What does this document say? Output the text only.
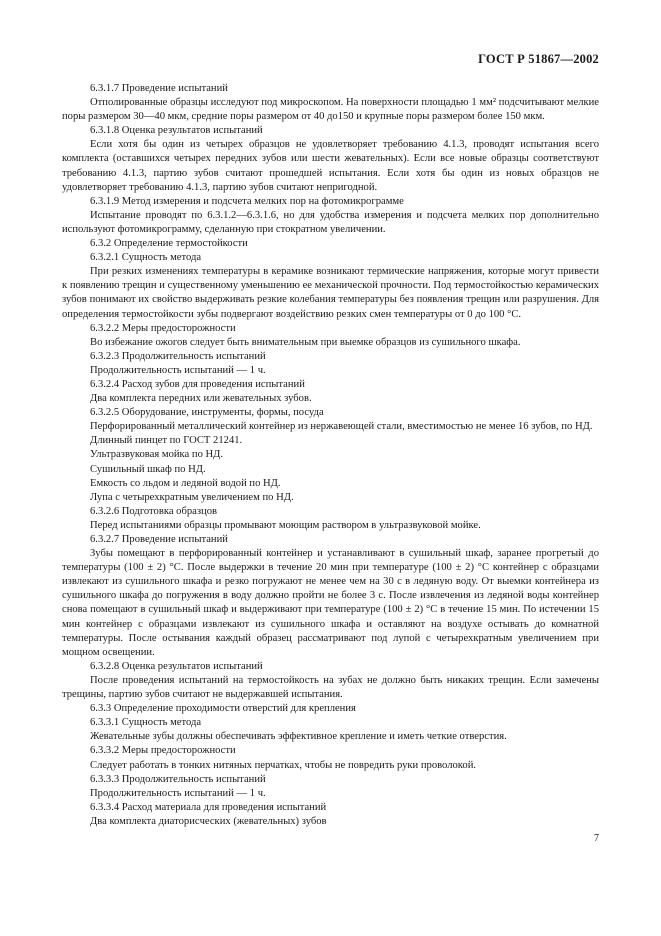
ГОСТ Р 51867—2002

6.3.1.7 Проведение испытаний

Отполированные образцы исследуют под микроскопом. На поверхности площадью 1 мм² подсчитывают мелкие поры размером 30—40 мкм, средние поры размером от 40 до150 и крупные поры размером более 150 мкм.

6.3.1.8 Оценка результатов испытаний

Если хотя бы один из четырех образцов не удовлетворяет требованию 4.1.3, проводят испытания всего комплекта (оставшихся четырех передних зубов или шести жевательных). Если все новые образцы соответствуют требованию 4.1.3, партию зубов считают прошедшей испытания. Если хотя бы один из новых образцов не удовлетворяет требованию 4.1.3, партию зубов считают непригодной.

6.3.1.9 Метод измерения и подсчета мелких пор на фотомикрограмме

Испытание проводят по 6.3.1.2—6.3.1.6, но для удобства измерения и подсчета мелких пор дополнительно используют фотомикрограмму, сделанную при стократном увеличении.

6.3.2 Определение термостойкости

6.3.2.1 Сущность метода

При резких изменениях температуры в керамике возникают термические напряжения, которые могут привести к появлению трещин и существенному уменьшению ее механической прочности. Под термостойкостью керамических зубов понимают их свойство выдерживать резкие колебания температуры без появления трещин или разрушения. Для определения термостойкости зубы подвергают воздействию резких смен температуры от 0 до 100 °С.

6.3.2.2 Меры предосторожности

Во избежание ожогов следует быть внимательным при выемке образцов из сушильного шкафа.

6.3.2.3 Продолжительность испытаний

Продолжительность испытаний — 1 ч.

6.3.2.4 Расход зубов для проведения испытаний

Два комплекта передних или жевательных зубов.

6.3.2.5 Оборудование, инструменты, формы, посуда

Перфорированный металлический контейнер из нержавеющей стали, вместимостью не менее 16 зубов, по НД.

Длинный пинцет по ГОСТ 21241.

Ультразвуковая мойка по НД.

Сушильный шкаф по НД.

Емкость со льдом и ледяной водой по НД.

Лупа с четырехкратным увеличением по НД.

6.3.2.6 Подготовка образцов

Перед испытаниями образцы промывают моющим раствором в ультразвуковой мойке.

6.3.2.7 Проведение испытаний

Зубы помещают в перфорированный контейнер и устанавливают в сушильный шкаф, заранее прогретый до температуры (100 ± 2) °С. После выдержки в течение 20 мин при температуре (100 ± 2) °С контейнер с образцами извлекают из сушильного шкафа и резко погружают не менее чем на 30 с в ледяную воду. От выемки контейнера из сушильного шкафа до погружения в воду должно пройти не более 3 с. После извлечения из ледяной воды контейнер снова помещают в сушильный шкаф и выдерживают при температуре (100 ± 2) °С в течение 15 мин. По истечении 15 мин контейнер с образцами извлекают из сушильного шкафа и оставляют на воздухе остывать до комнатной температуры. После остывания каждый образец рассматривают под лупой с четырехкратным увеличением при мощном освещении.

6.3.2.8 Оценка результатов испытаний

После проведения испытаний на термостойкость на зубах не должно быть никаких трещин. Если замечены трещины, партию зубов считают не выдержавшей испытания.

6.3.3 Определение проходимости отверстий для крепления

6.3.3.1 Сущность метода

Жевательные зубы должны обеспечивать эффективное крепление и иметь четкие отверстия.

6.3.3.2 Меры предосторожности

Следует работать в тонких нитяных перчатках, чтобы не повредить руки проволокой.

6.3.3.3 Продолжительность испытаний

Продолжительность испытаний — 1 ч.

6.3.3.4 Расход материала для проведения испытаний

Два комплекта диаториcческих (жевательных) зубов

7
